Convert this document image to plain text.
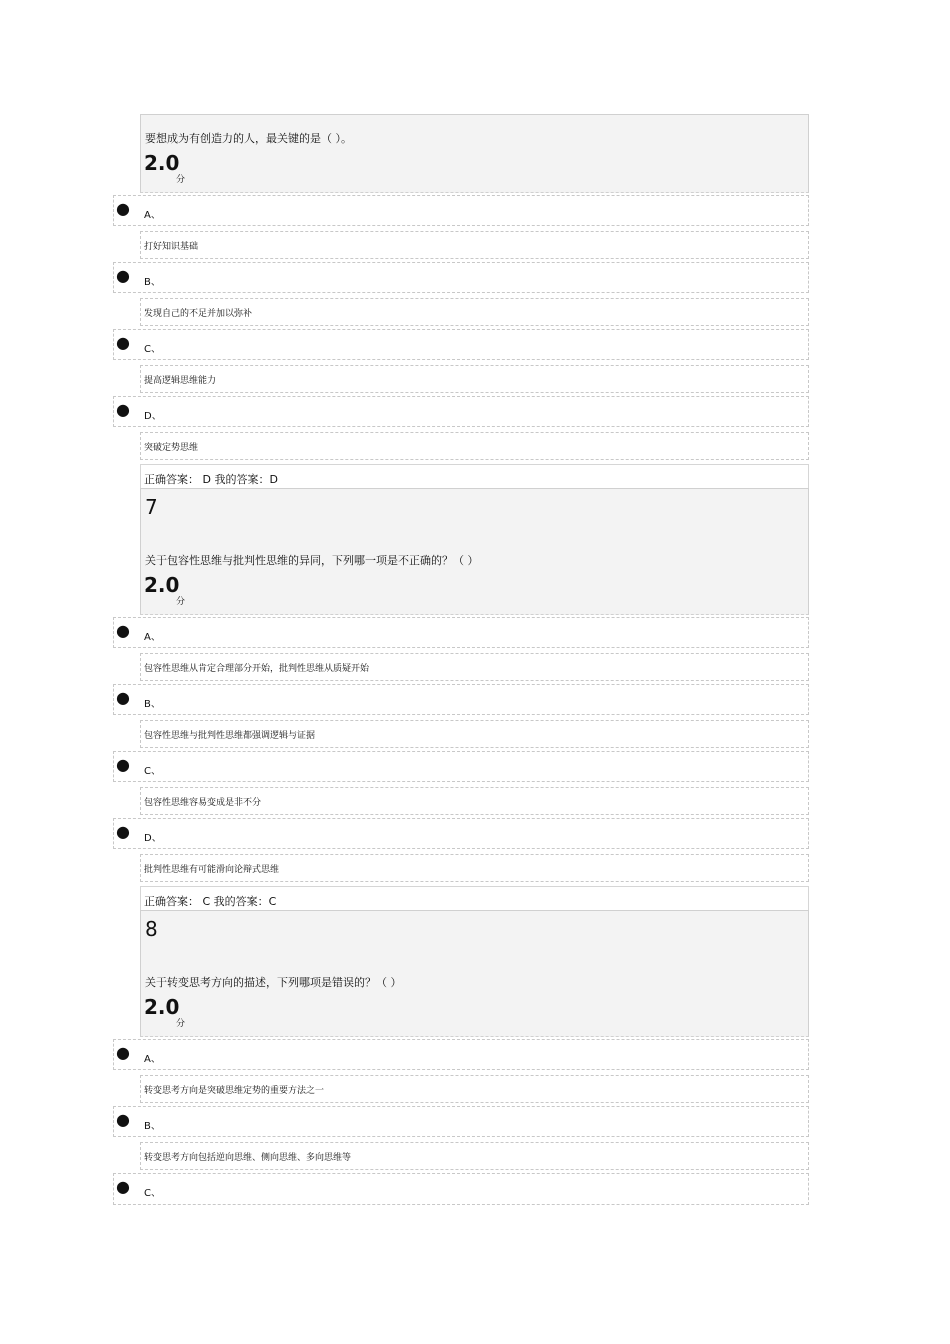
要想成为有创造力的人，最关键的是（ ）。
2.0
分
● A、
打好知识基础
● B、
发现自己的不足并加以弥补
● C、
提高逻辑思维能力
● D、
突破定势思维
正确答案： D 我的答案：D
7
关于包容性思维与批判性思维的异同，下列哪一项是不正确的？（ ）
2.0
分
● A、
包容性思维从肯定合理部分开始，批判性思维从质疑开始
● B、
包容性思维与批判性思维都强调逻辑与证据
● C、
包容性思维容易变成是非不分
● D、
批判性思维有可能滑向论辩式思维
正确答案： C 我的答案：C
8
关于转变思考方向的描述，下列哪项是错误的？（ ）
2.0
分
● A、
转变思考方向是突破思维定势的重要方法之一
● B、
转变思考方向包括逆向思维、侧向思维、多向思维等
● C、
